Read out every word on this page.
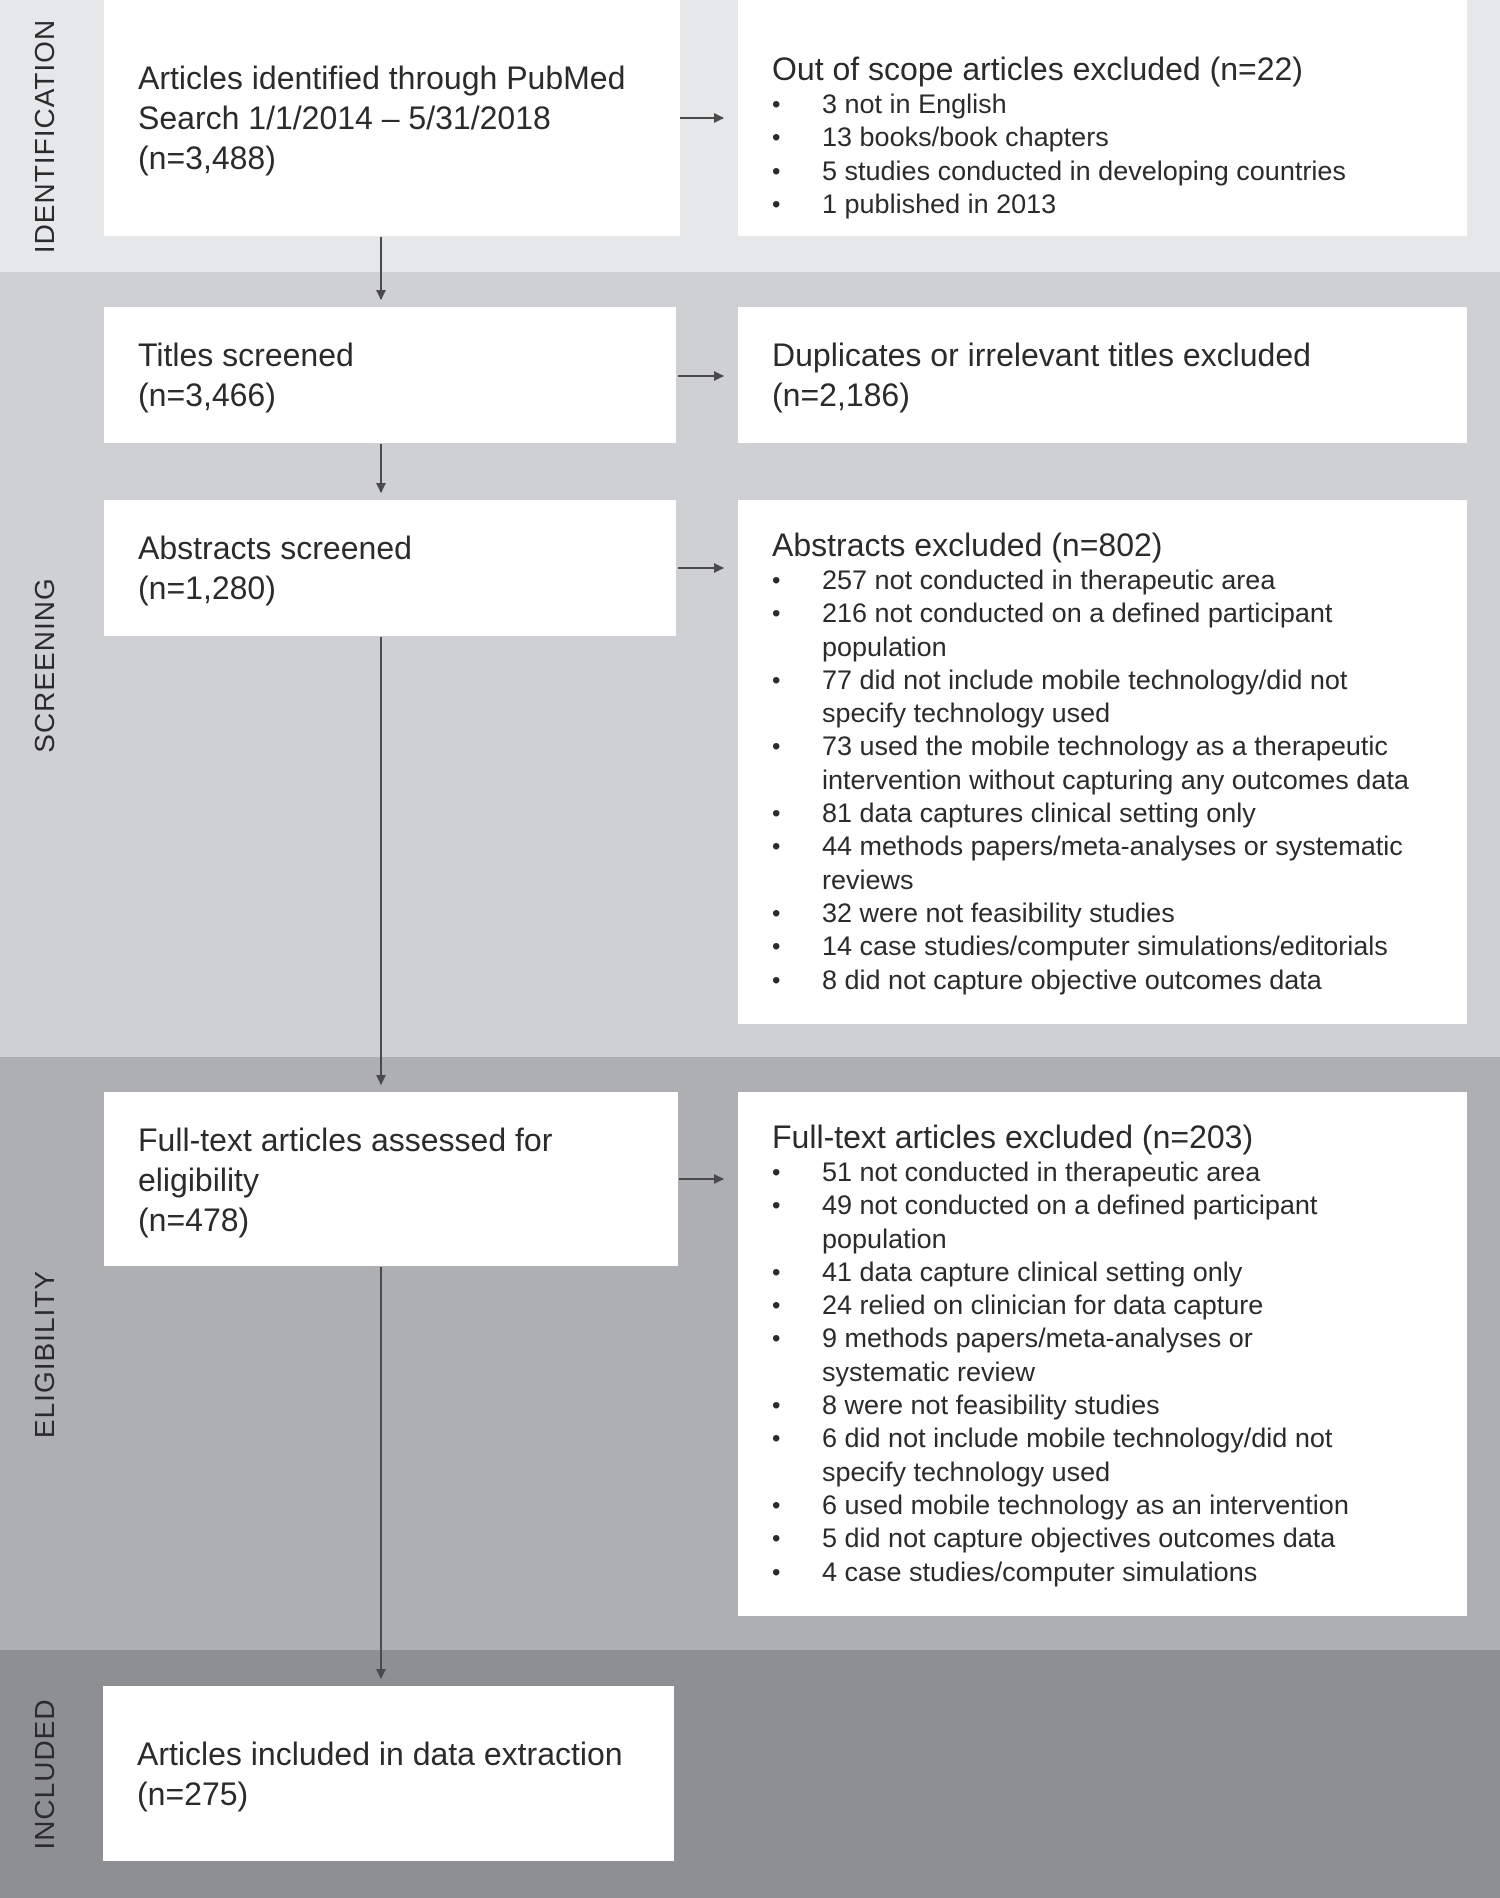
IDENTIFICATION
SCREENING
ELIGIBILITY
INCLUDED
Articles identified through PubMed
Search 1/1/2014 – 5/31/2018
(n=3,488)
Out of scope articles excluded (n=22)
• 3 not in English
• 13 books/book chapters
• 5 studies conducted in developing countries
• 1 published in 2013
Titles screened
(n=3,466)
Duplicates or irrelevant titles excluded
(n=2,186)
Abstracts screened
(n=1,280)
Abstracts excluded (n=802)
• 257 not conducted in therapeutic area
• 216 not conducted on a defined participant
population
• 77 did not include mobile technology/did not
specify technology used
• 73 used the mobile technology as a therapeutic
intervention without capturing any outcomes data
• 81 data captures clinical setting only
• 44 methods papers/meta-analyses or systematic
reviews
• 32 were not feasibility studies
• 14 case studies/computer simulations/editorials
• 8 did not capture objective outcomes data
Full-text articles assessed for
eligibility
(n=478)
Full-text articles excluded (n=203)
• 51 not conducted in therapeutic area
• 49 not conducted on a defined participant
population
• 41 data capture clinical setting only
• 24 relied on clinician for data capture
• 9 methods papers/meta-analyses or
systematic review
• 8 were not feasibility studies
• 6 did not include mobile technology/did not
specify technology used
• 6 used mobile technology as an intervention
• 5 did not capture objectives outcomes data
• 4 case studies/computer simulations
Articles included in data extraction
(n=275)
